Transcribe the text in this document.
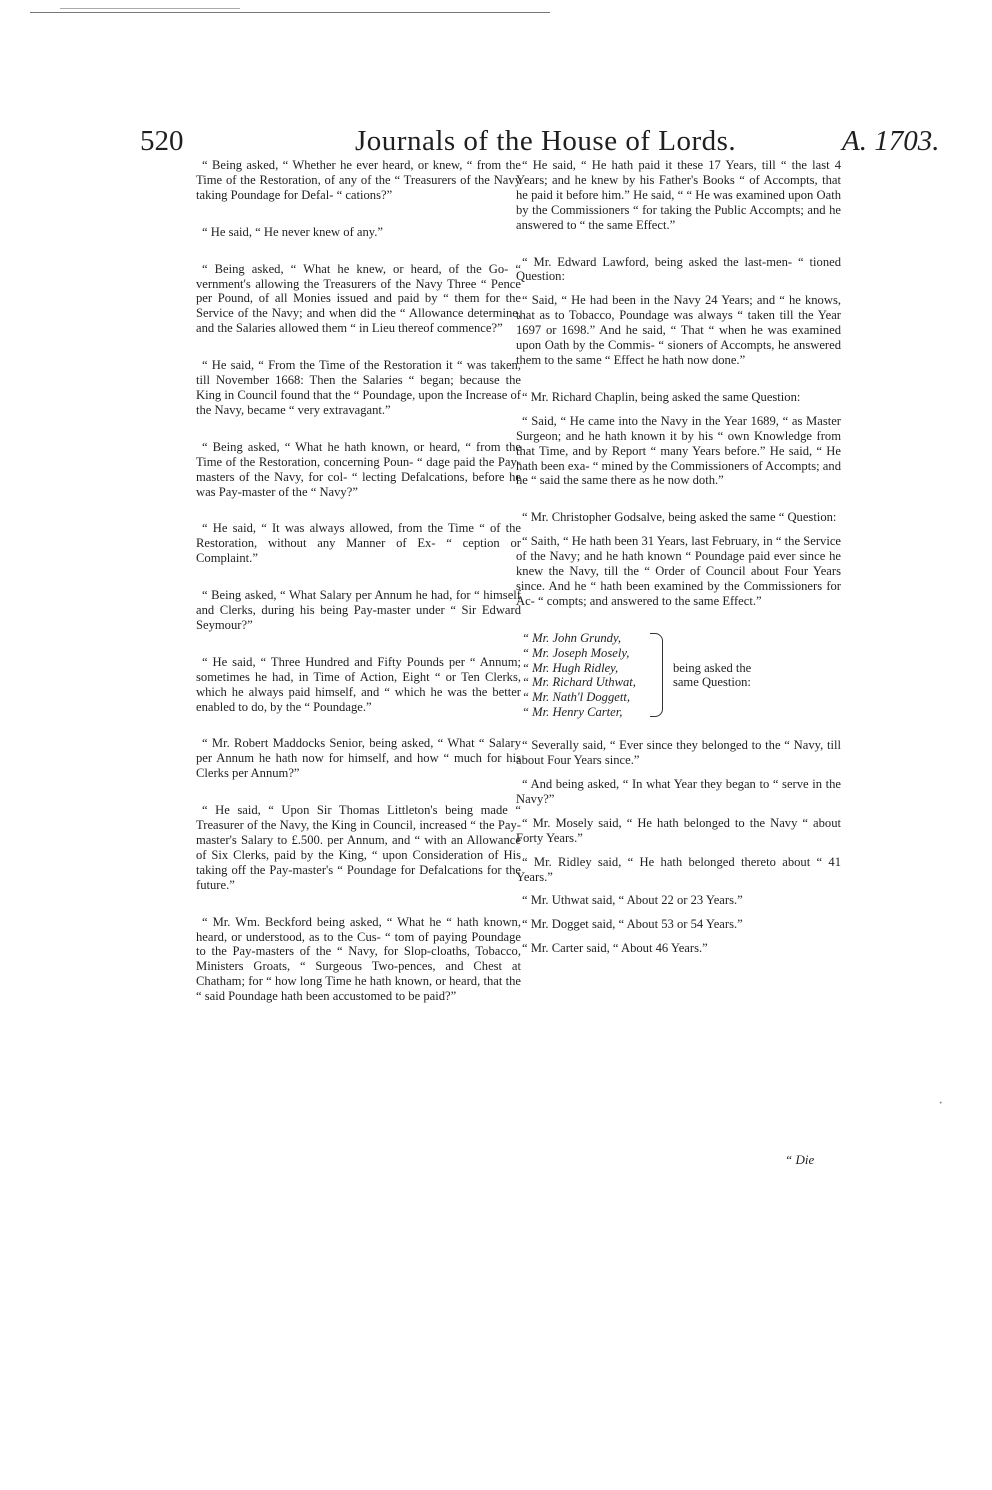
520	Journals of the House of Lords.	A. 1703.

“ Being asked, “ Whether he ever heard, or knew, “ from the Time of the Restoration, of any of the “ Treasurers of the Navy taking Poundage for Defal- “ cations?”

“ He said, “ He never knew of any.”

“ Being asked, “ What he knew, or heard, of the Go- “ vernment's allowing the Treasurers of the Navy Three “ Pence per Pound, of all Monies issued and paid by “ them for the Service of the Navy; and when did the “ Allowance determine, and the Salaries allowed them “ in Lieu thereof commence?”

“ He said, “ From the Time of the Restoration it “ was taken, till November 1668: Then the Salaries “ began; because the King in Council found that the “ Poundage, upon the Increase of the Navy, became “ very extravagant.”

“ Being asked, “ What he hath known, or heard, “ from the Time of the Restoration, concerning Poun- “ dage paid the Pay-masters of the Navy, for col- “ lecting Defalcations, before he was Pay-master of the “ Navy?”

“ He said, “ It was always allowed, from the Time “ of the Restoration, without any Manner of Ex- “ ception or Complaint.”

“ Being asked, “ What Salary per Annum he had, for “ himself and Clerks, during his being Pay-master under “ Sir Edward Seymour?”

“ He said, “ Three Hundred and Fifty Pounds per “ Annum; sometimes he had, in Time of Action, Eight “ or Ten Clerks, which he always paid himself, and “ which he was the better enabled to do, by the “ Poundage.”

“ Mr. Robert Maddocks Senior, being asked, “ What “ Salary per Annum he hath now for himself, and how “ much for his Clerks per Annum?”

“ He said, “ Upon Sir Thomas Littleton's being made “ Treasurer of the Navy, the King in Council, increased “ the Pay-master's Salary to £.500. per Annum, and “ with an Allowance of Six Clerks, paid by the King, “ upon Consideration of His taking off the Pay-master's “ Poundage for Defalcations for the future.”

“ Mr. Wm. Beckford being asked, “ What he “ hath known, heard, or understood, as to the Cus- “ tom of paying Poundage to the Pay-masters of the “ Navy, for Slop-cloaths, Tobacco, Ministers Groats, “ Surgeous Two-pences, and Chest at Chatham; for “ how long Time he hath known, or heard, that the “ said Poundage hath been accustomed to be paid?”

“ He said, “ He hath paid it these 17 Years, till “ the last 4 Years; and he knew by his Father's Books “ of Accompts, that he paid it before him.” He said, “ “ He was examined upon Oath by the Commissioners “ for taking the Public Accompts; and he answered to “ the same Effect.”

“ Mr. Edward Lawford, being asked the last-men- “ tioned Question:

“ Said, “ He had been in the Navy 24 Years; and “ he knows, that as to Tobacco, Poundage was always “ taken till the Year 1697 or 1698.” And he said, “ That “ when he was examined upon Oath by the Commis- “ sioners of Accompts, he answered them to the same “ Effect he hath now done.”

“ Mr. Richard Chaplin, being asked the same Question:

“ Said, “ He came into the Navy in the Year 1689, “ as Master Surgeon; and he hath known it by his “ own Knowledge from that Time, and by Report “ many Years before.” He said, “ He hath been exa- “ mined by the Commissioners of Accompts; and he “ said the same there as he now doth.”

“ Mr. Christopher Godsalve, being asked the same “ Question:

“ Saith, “ He hath been 31 Years, last February, in “ the Service of the Navy; and he hath known “ Poundage paid ever since he knew the Navy, till the “ Order of Council about Four Years since. And he “ hath been examined by the Commissioners for Ac- “ compts; and answered to the same Effect.”

“ Mr. John Grundy,
“ Mr. Joseph Mosely,
“ Mr. Hugh Ridley,
“ Mr. Richard Uthwat,
“ Mr. Nath'l Doggett,
“ Mr. Henry Carter,
being asked the same Question:

“ Severally said, “ Ever since they belonged to the “ Navy, till about Four Years since.”

“ And being asked, “ In what Year they began to “ serve in the Navy?”

“ Mr. Mosely said, “ He hath belonged to the Navy “ about Forty Years.”

“ Mr. Ridley said, “ He hath belonged thereto about “ 41 Years.”

“ Mr. Uthwat said, “ About 22 or 23 Years.”

“ Mr. Dogget said, “ About 53 or 54 Years.”

“ Mr. Carter said, “ About 46 Years.”

·
“ Die
